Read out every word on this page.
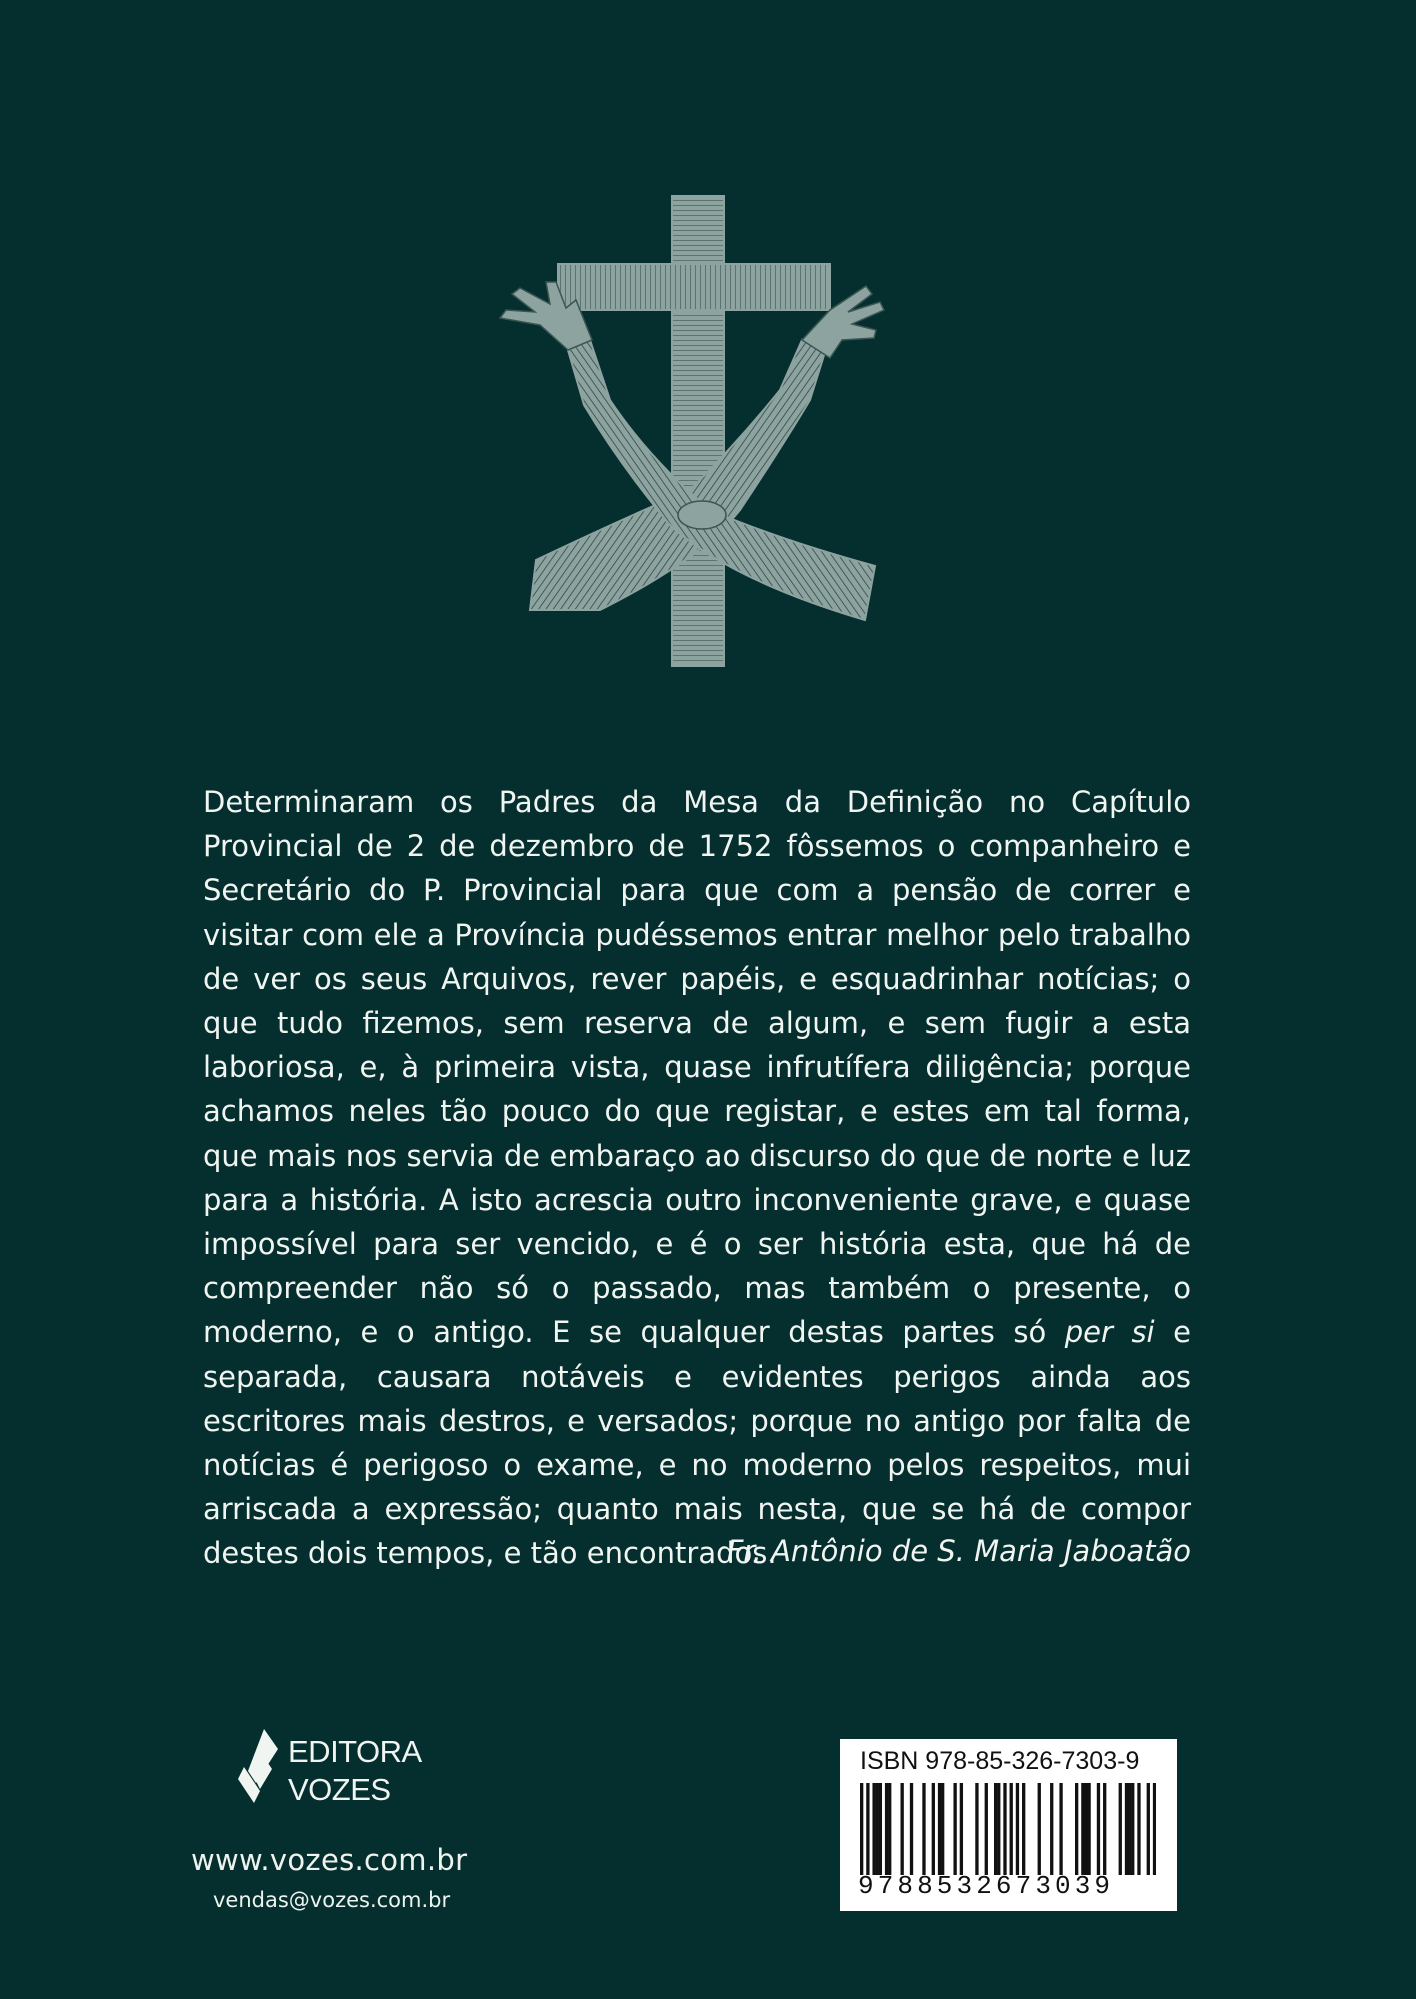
Determinaram os Padres da Mesa da Definição no Capítulo Provincial de 2 de dezembro de 1752 fôssemos o companheiro e Secretário do P. Provincial para que com a pensão de correr e visitar com ele a Província pudéssemos entrar melhor pelo trabalho de ver os seus Arquivos, rever papéis, e esquadrinhar notícias; o que tudo fizemos, sem reserva de algum, e sem fugir a esta laboriosa, e, à primeira vista, quase infrutífera diligência; porque achamos neles tão pouco do que registar, e estes em tal forma, que mais nos servia de embaraço ao discurso do que de norte e luz para a história. A isto acrescia outro inconveniente grave, e quase impossível para ser vencido, e é o ser história esta, que há de compreender não só o passado, mas também o presente, o moderno, e o antigo. E se qualquer destas partes só per si e separada, causara notáveis e evidentes perigos ainda aos escritores mais destros, e versados; porque no antigo por falta de notícias é perigoso o exame, e no moderno pelos respeitos, mui arriscada a expressão; quanto mais nesta, que se há de compor destes dois tempos, e tão encontrados.
Fr. Antônio de S. Maria Jaboatão
EDITORA
VOZES
www.vozes.com.br
vendas@vozes.com.br
ISBN 978-85-326-7303-9
9788532673039
